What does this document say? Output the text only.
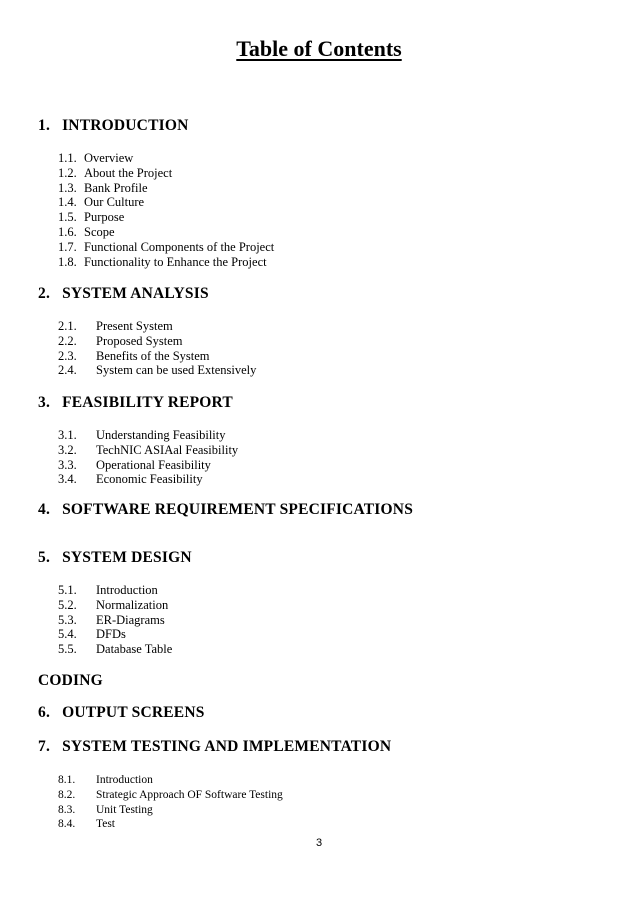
Table of Contents
1. INTRODUCTION
1.1. Overview
1.2. About the Project
1.3. Bank Profile
1.4. Our Culture
1.5. Purpose
1.6. Scope
1.7. Functional Components of the Project
1.8. Functionality to Enhance the Project
2. SYSTEM ANALYSIS
2.1. Present System
2.2. Proposed System
2.3. Benefits of the System
2.4. System can be used Extensively
3. FEASIBILITY REPORT
3.1. Understanding Feasibility
3.2. TechNIC ASIAal Feasibility
3.3. Operational Feasibility
3.4. Economic Feasibility
4. SOFTWARE REQUIREMENT SPECIFICATIONS
5. SYSTEM DESIGN
5.1. Introduction
5.2. Normalization
5.3. ER-Diagrams
5.4. DFDs
5.5. Database Table
CODING
6. OUTPUT SCREENS
7. SYSTEM TESTING AND IMPLEMENTATION
8.1. Introduction
8.2. Strategic Approach OF Software Testing
8.3. Unit Testing
8.4. Test
3
